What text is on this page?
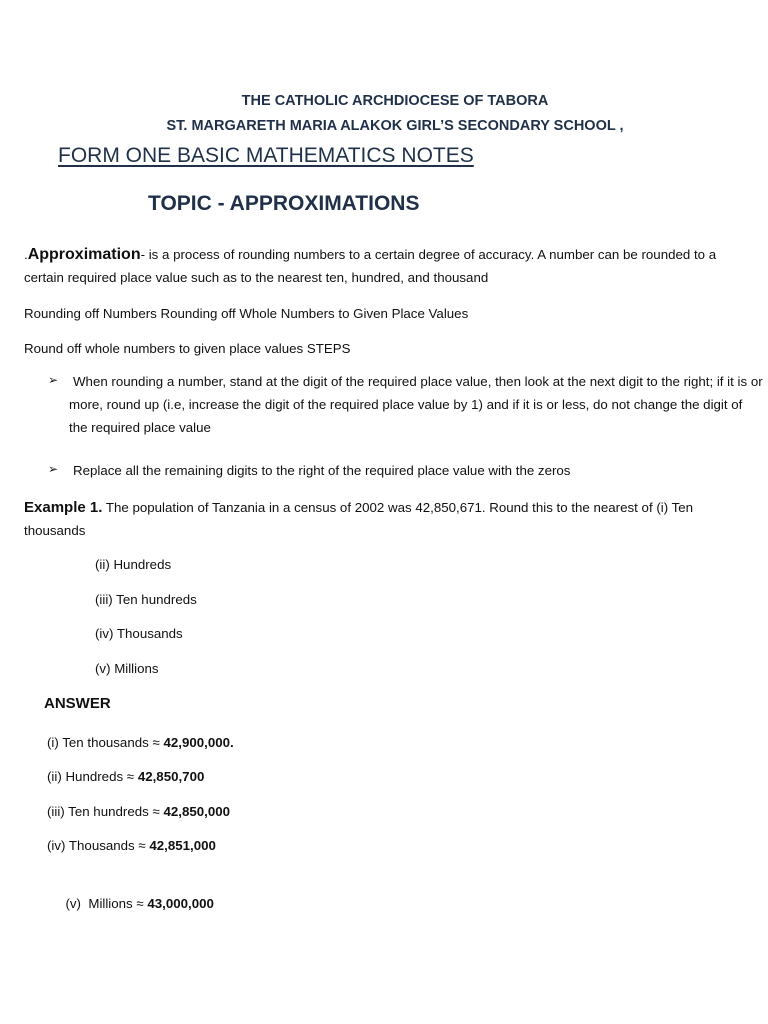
THE CATHOLIC ARCHDIOCESE OF TABORA
ST. MARGARETH MARIA ALAKOK GIRL’S SECONDARY SCHOOL ,
FORM ONE BASIC MATHEMATICS NOTES
TOPIC - APPROXIMATIONS
.Approximation- is a process of rounding numbers to a certain degree of accuracy. A number can be rounded to a certain required place value such as to the nearest ten, hundred, and thousand
Rounding off Numbers Rounding off Whole Numbers to Given Place Values
Round off whole numbers to given place values STEPS
➢	When rounding a number, stand at the digit of the required place value, then look at the next digit to the right; if it is or more, round up (i.e, increase the digit of the required place value by 1) and if it is or less, do not change the digit of the required place value
➢ Replace all the remaining digits to the right of the required place value with the zeros
Example 1. The population of Tanzania in a census of 2002 was 42,850,671. Round this to the nearest of (i) Ten thousands
(ii) Hundreds
(iii) Ten hundreds
(iv) Thousands
(v) Millions
ANSWER
(i) Ten thousands ≈ 42,900,000.
(ii) Hundreds ≈ 42,850,700
(iii) Ten hundreds ≈ 42,850,000
(iv) Thousands ≈ 42,851,000

(v)  Millions ≈ 43,000,000
